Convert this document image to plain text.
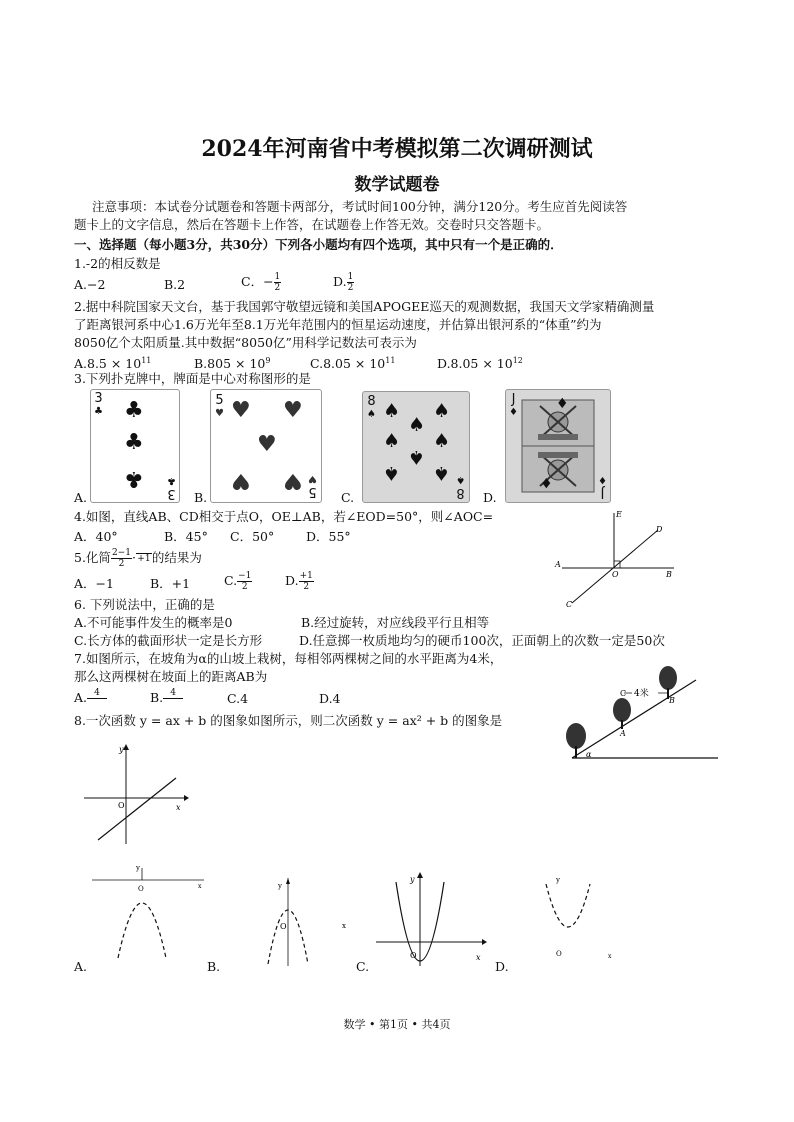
2024年河南省中考模拟第二次调研测试
数学试题卷
注意事项：本试卷分试题卷和答题卡两部分，考试时间100分钟，满分120分。考生应首先阅读答
题卡上的文字信息，然后在答题卡上作答，在试题卷上作答无效。交卷时只交答题卡。
一、选择题（每小题3分，共30分）下列各小题均有四个选项，其中只有一个是正确的．
1.-2的相反数是
A.−2	B.2	C．− $\frac{1}{2}$	D. $\frac{1}{2}$
2.据中科院国家天文台，基于我国郭守敬望远镜和美国APOGEE巡天的观测数据，我国天文学家精确测量
了距离银河系中心1.6万光年至8.1万光年范围内的恒星运动速度，并估算出银河系的“体重”约为
8050亿个太阳质量.其中数据“8050亿”用科学记数法可表示为
$A.8.5 \times 10^{11}$	$B.805 \times 10^9$	$C.8.05 \times 10^{11}$	$D.8.05 \times 10^{12}$
3.下列扑克牌中，牌面是中心对称图形的是
3
♣ ♣
♣
♣
3
♣
A.
5
♥ ♥ ♥
♥
♥ ♥ 5
♥
B.
8
♠ ♠ ♠
♠
♠ ♠
♠
♠ ♠
8
♠
C.
J
♦
♦
♦
J
♦
D.
4.如图，直线AB、CD相交于点O，OE⊥AB，若∠EOD=50°，则∠AOC=
A．40°	B．45° C．50°	D．55°
E
D
A
O	B
C
5.化简 $\frac{2-1}{2} \cdot +1$ 的结果为
A．−1	B．+1	C. $\frac{-1}{2}$	D. $\frac{+1}{2}$
6. 下列说法中，正确的是
A.不可能事件发生的概率是0	B.经过旋转，对应线段平行且相等
C.长方体的截面形状一定是长方形	D.任意掷一枚质地均匀的硬币100次，正面朝上的次数一定是50次
7.如图所示，在坡角为α的山坡上栽树，每相邻两棵树之间的水平距离为4米，
那么这两棵树在坡面上的距离AB为
A. 4
	B. 4
	C.4	D.4	4米
C
B
A
α
8.一次函数 y = ax + b 的图象如图所示，则二次函数 y = ax² + b 的图象是
y
x
O
y
O	x
A.
y
O
B.
y
O	x
x
C.
y
O	x
D.
数学 • 第1页 • 共4页
